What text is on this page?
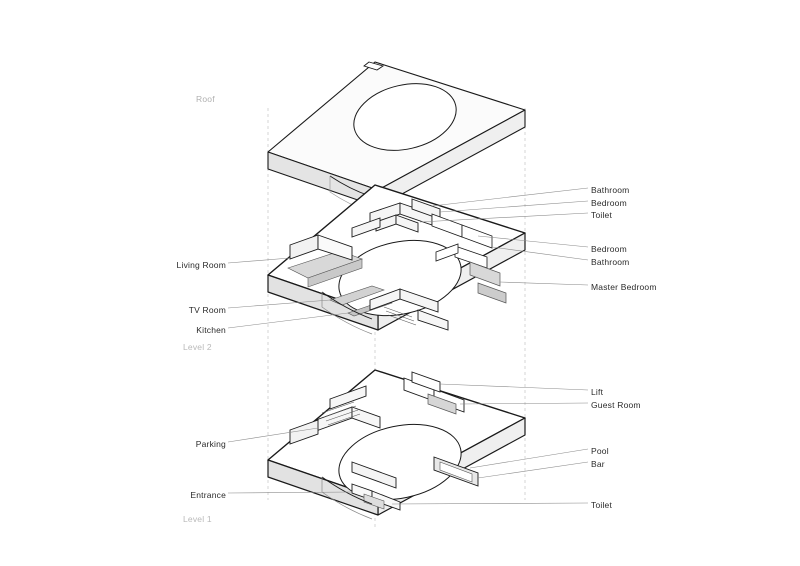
Living Room
TV Room
Kitchen
Parking
Entrance
Bathroom
Bedroom
Toilet
Bedroom
Bathroom
Master Bedroom
Lift
Guest Room
Pool
Bar
Toilet
Roof
Level 2
Level 1
